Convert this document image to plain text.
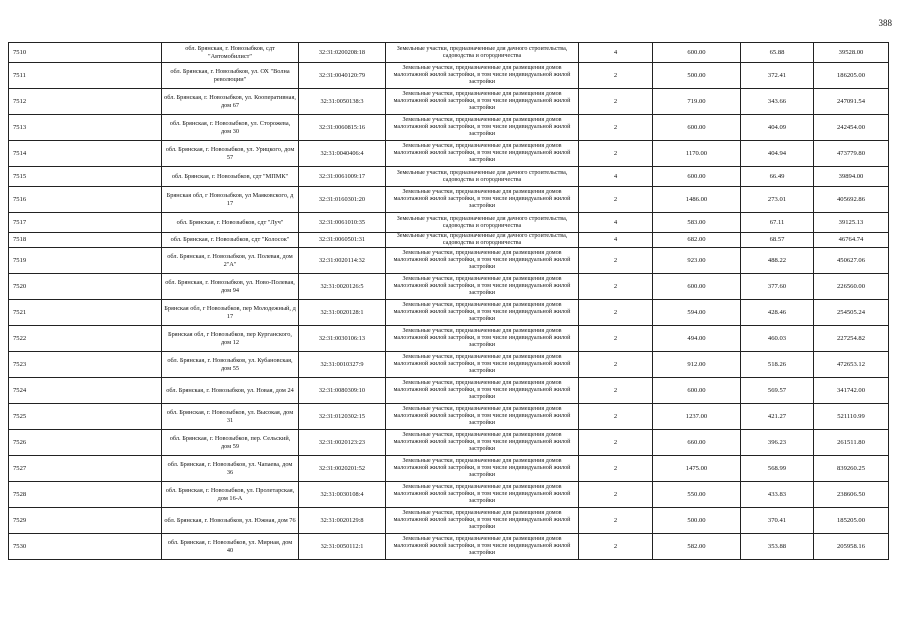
388
7510	обл. Брянская, г. Новозыбков, сдт "Автомобилист"	32:31:0200208:18	Земельные участки, предназначенные для дачного строительства, садоводства и огородничества	4	600.00	65.88	39528.00
7511	обл. Брянская, г. Новозыбков, ул. ОХ "Волна революции"	32:31:0040120:79	Земельные участки, предназначенные для размещения домов малоэтажной жилой застройки, в том числе индивидуальной жилой застройки	2	500.00	372.41	186205.00
7512	обл. Брянская, г. Новозыбков, ул. Кооперативная, дом 67	32:31:0050138:3	Земельные участки, предназначенные для размещения домов малоэтажной жилой застройки, в том числе индивидуальной жилой застройки	2	719.00	343.66	247091.54
7513	обл. Брянская, г. Новозыбков, ул. Сторожева, дом 30	32:31:0060815:16	Земельные участки, предназначенные для размещения домов малоэтажной жилой застройки, в том числе индивидуальной жилой застройки	2	600.00	404.09	242454.00
7514	обл. Брянская, г. Новозыбков, ул. Урицкого, дом 57	32:31:0040406:4	Земельные участки, предназначенные для размещения домов малоэтажной жилой застройки, в том числе индивидуальной жилой застройки	2	1170.00	404.94	473779.80
7515	обл. Брянская, г. Новозыбков, сдт "МПМК"	32:31:0061009:17	Земельные участки, предназначенные для дачного строительства, садоводства и огородничества	4	600.00	66.49	39894.00
7516	Брянская обл, г Новозыбков, ул Маяковского, д 17	32:31:0160301:20	Земельные участки, предназначенные для размещения домов малоэтажной жилой застройки, в том числе индивидуальной жилой застройки	2	1486.00	273.01	405692.86
7517	обл. Брянская, г. Новозыбков, сдт "Луч"	32:31:0061010:35	Земельные участки, предназначенные для дачного строительства, садоводства и огородничества	4	583.00	67.11	39125.13
7518	обл. Брянская, г. Новозыбков, сдт "Колосок"	32:31:0060501:31	Земельные участки, предназначенные для дачного строительства, садоводства и огородничества	4	682.00	68.57	46764.74
7519	обл. Брянская, г. Новозыбков, ул. Полевая, дом 2"А"	32:31:0020114:32	Земельные участки, предназначенные для размещения домов малоэтажной жилой застройки, в том числе индивидуальной жилой застройки	2	923.00	488.22	450627.06
7520	обл. Брянская, г. Новозыбков, ул. Ново-Полевая, дом 94	32:31:0020126:5	Земельные участки, предназначенные для размещения домов малоэтажной жилой застройки, в том числе индивидуальной жилой застройки	2	600.00	377.60	226560.00
7521	Брянская обл, г Новозыбков, пер Молодежный, д 17	32:31:0020128:1	Земельные участки, предназначенные для размещения домов малоэтажной жилой застройки, в том числе индивидуальной жилой застройки	2	594.00	428.46	254505.24
7522	Брянская обл, г Новозыбков, пер Курганского, дом 12	32:31:0030106:13	Земельные участки, предназначенные для размещения домов малоэтажной жилой застройки, в том числе индивидуальной жилой застройки	2	494.00	460.03	227254.82
7523	обл. Брянская, г. Новозыбков, ул. Кубановская, дом 55	32:31:0010327:9	Земельные участки, предназначенные для размещения домов малоэтажной жилой застройки, в том числе индивидуальной жилой застройки	2	912.00	518.26	472653.12
7524	обл. Брянская, г. Новозыбков, ул. Новая, дом 24	32:31:0080309:10	Земельные участки, предназначенные для размещения домов малоэтажной жилой застройки, в том числе индивидуальной жилой застройки	2	600.00	569.57	341742.00
7525	обл. Брянская, г. Новозыбков, ул. Высокая, дом 31	32:31:0120302:15	Земельные участки, предназначенные для размещения домов малоэтажной жилой застройки, в том числе индивидуальной жилой застройки	2	1237.00	421.27	521110.99
7526	обл. Брянская, г. Новозыбков, пер. Сельский, дом 59	32:31:0020123:23	Земельные участки, предназначенные для размещения домов малоэтажной жилой застройки, в том числе индивидуальной жилой застройки	2	660.00	396.23	261511.80
7527	обл. Брянская, г. Новозыбков, ул. Чапаева, дом 36	32:31:0020201:52	Земельные участки, предназначенные для размещения домов малоэтажной жилой застройки, в том числе индивидуальной жилой застройки	2	1475.00	568.99	839260.25
7528	обл. Брянская, г. Новозыбков, ул. Пролетарская, дом 16-А	32:31:0030108:4	Земельные участки, предназначенные для размещения домов малоэтажной жилой застройки, в том числе индивидуальной жилой застройки	2	550.00	433.83	238606.50
7529	обл. Брянская, г. Новозыбков, ул. Южная, дом 76	32:31:0020129:8	Земельные участки, предназначенные для размещения домов малоэтажной жилой застройки, в том числе индивидуальной жилой застройки	2	500.00	370.41	185205.00
7530	обл. Брянская, г. Новозыбков, ул. Мирная, дом 40	32:31:0050112:1	Земельные участки, предназначенные для размещения домов малоэтажной жилой застройки, в том числе индивидуальной жилой застройки	2	582.00	353.88	205958.16
